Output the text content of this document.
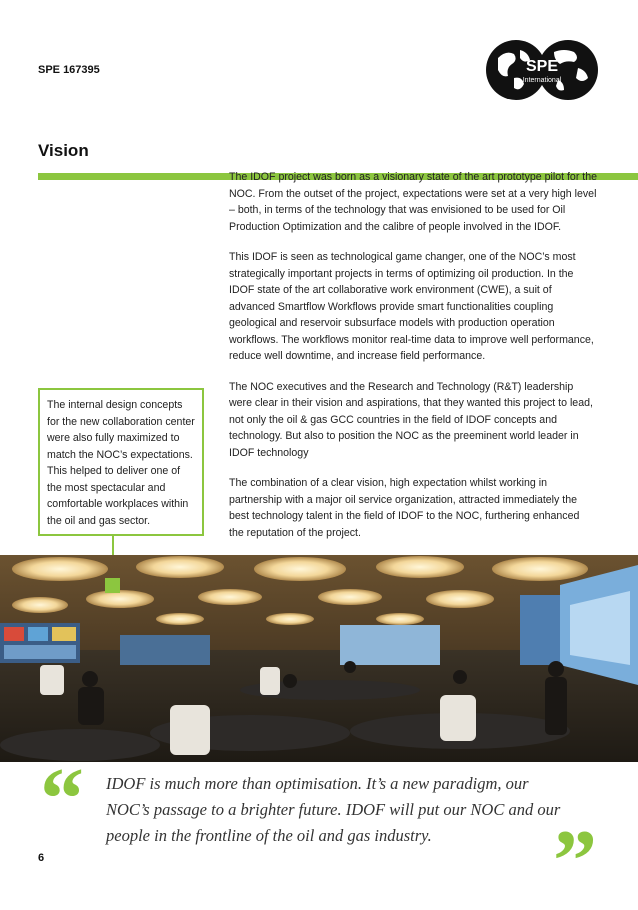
SPE 167395	SPE
International
Vision

The IDOF project was born as a visionary state of the art prototype pilot for the NOC. From the outset of the project, expectations were set at a very high level – both, in terms of the technology that was envisioned to be used for Oil Production Optimization and the calibre of people involved in the IDOF.

This IDOF is seen as technological game changer, one of the NOC’s most strategically important projects in terms of optimizing oil production. In the IDOF state of the art collaborative work environment (CWE), a suit of advanced Smartflow Workflows provide smart functionalities coupling geological and reservoir subsurface models with production operation workflows. The workflows monitor real-time data to improve well performance, reduce well downtime, and increase field performance.

The NOC executives and the Research and Technology (R&T) leadership were clear in their vision and aspirations, that they wanted this project to lead, not only the oil & gas GCC countries in the field of IDOF concepts and technology. But also to position the NOC as the preeminent world leader in IDOF technology

The combination of a clear vision, high expectation whilst working in partnership with a major oil service organization, attracted immediately the best technology talent in the field of IDOF to the NOC, furthering enhanced the reputation of the project.

The internal design concepts for the new collaboration center were also fully maximized to match the NOC’s expectations. This helped to deliver one of the most spectacular and comfortable workplaces within the oil and gas sector.
“ IDOF is much more than optimisation. It’s a new paradigm, our NOC’s passage to a brighter future. IDOF will put our NOC and our people in the frontline of the oil and gas industry.	”
6
